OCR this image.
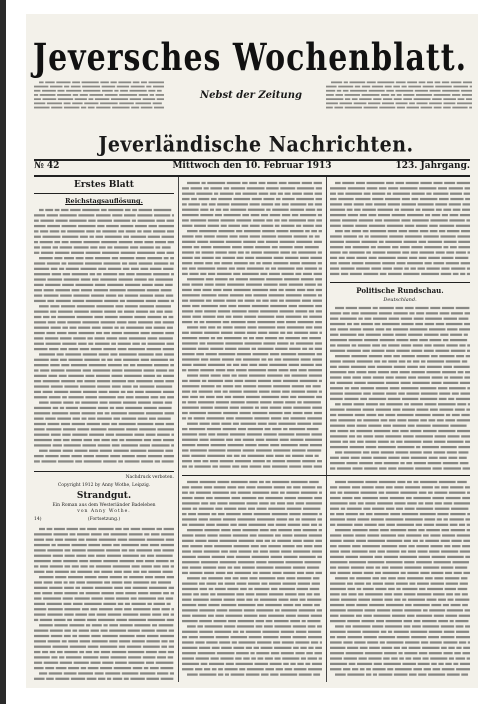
Jeversches Wochenblatt.
Nebst der Zeitung
Jeverländische Nachrichten.
№ 42	Mittwoch den 10. Februar 1913	123. Jahrgang.
Erstes Blatt
Reichstagsauflösung.
Nachdruck verboten.
Copyright 1912 by Anny Wothe, Leipzig.
Strandgut.
Ein Roman aus dem Westeriänder Badeleben
von Anny Wothe.
14)	(Fortsetzung.)
Politische Rundschau.
Deutschland.
